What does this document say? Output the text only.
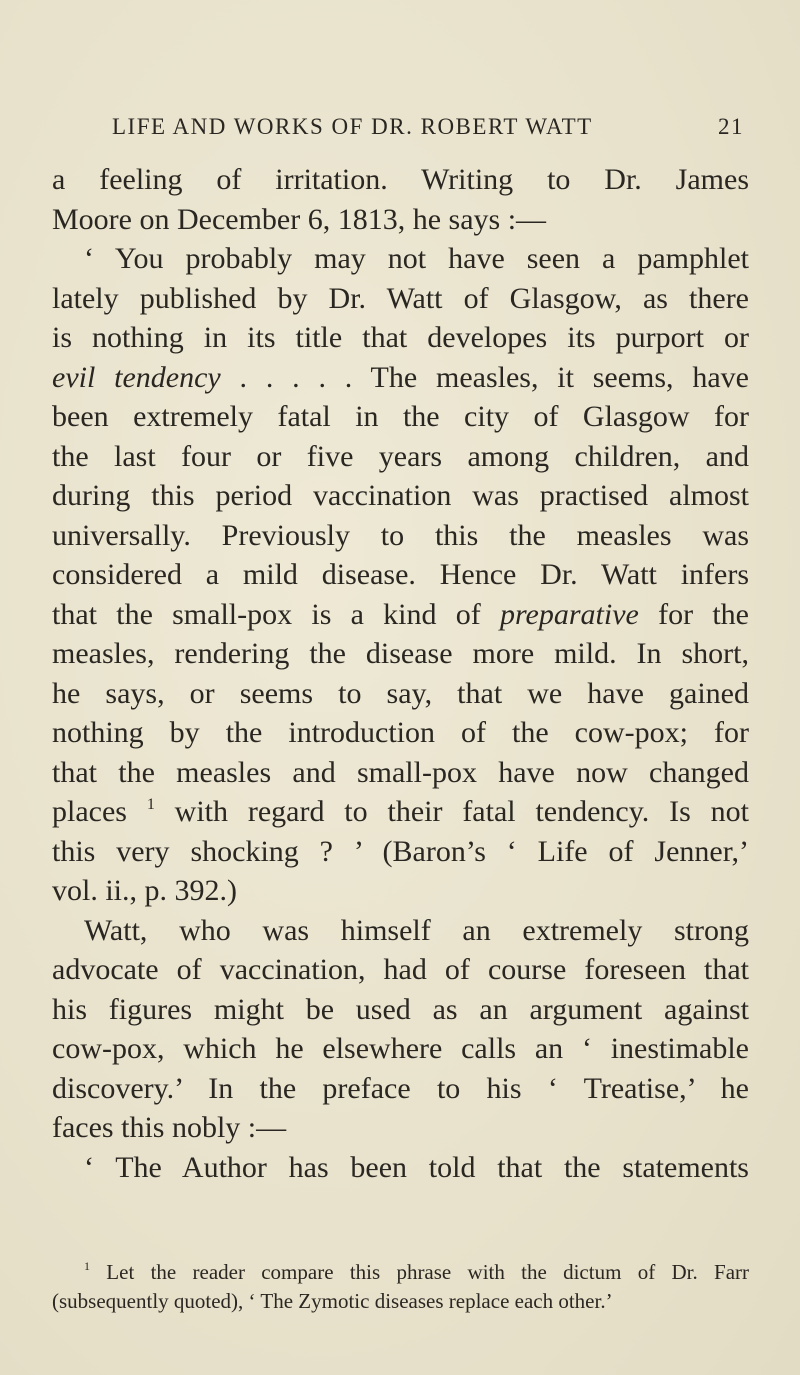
LIFE AND WORKS OF DR. ROBERT WATT	21
a feeling of irritation. Writing to Dr. James
Moore on December 6, 1813, he says :—
‘ You probably may not have seen a pamphlet
lately published by Dr. Watt of Glasgow, as there
is nothing in its title that developes its purport or
evil tendency . . . . . The measles, it seems, have
been extremely fatal in the city of Glasgow for
the last four or five years among children, and
during this period vaccination was practised almost
universally. Previously to this the measles was
considered a mild disease. Hence Dr. Watt infers
that the small-pox is a kind of preparative for the
measles, rendering the disease more mild. In short,
he says, or seems to say, that we have gained
nothing by the introduction of the cow-pox; for
that the measles and small-pox have now changed
places $^1$ with regard to their fatal tendency. Is not
this very shocking ? ’ (Baron’s ‘ Life of Jenner,’
vol. ii., p. 392.)
Watt, who was himself an extremely strong
advocate of vaccination, had of course foreseen that
his figures might be used as an argument against
cow-pox, which he elsewhere calls an ‘ inestimable
discovery.’ In the preface to his ‘ Treatise,’ he
faces this nobly :—
‘ The Author has been told that the statements
$^1$ Let the reader compare this phrase with the dictum of Dr. Farr
(subsequently quoted), ‘ The Zymotic diseases replace each other.’
